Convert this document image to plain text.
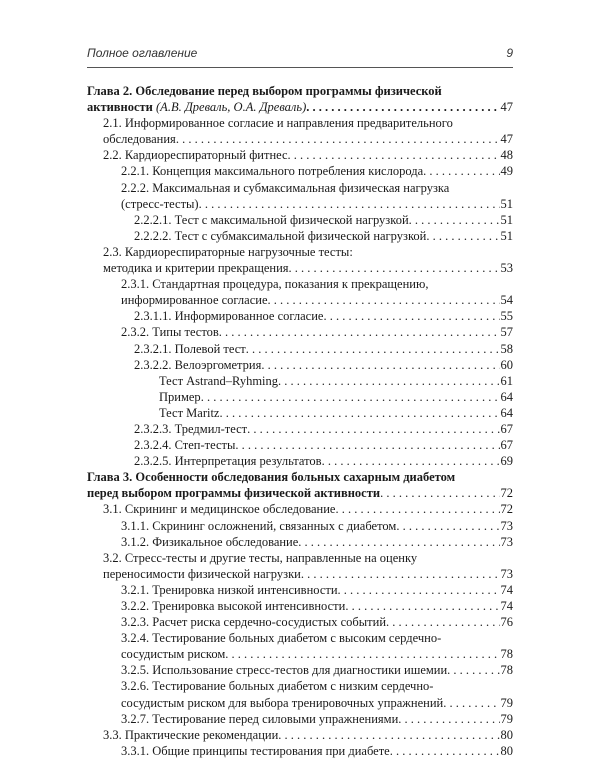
Полное оглавление	9
Глава 2. Обследование перед выбором программы физической
активности (А.В. Древаль, О.А. Древаль) . . .	47
2.1. Информированное согласие и направления предварительного
обследования . . .	47
2.2. Кардиореспираторный фитнес . . .	48
2.2.1. Концепция максимального потребления кислорода . . .	49
2.2.2. Максимальная и субмаксимальная физическая нагрузка
(стресс-тесты) . . .	51
2.2.2.1. Тест с максимальной физической нагрузкой . . .	51
2.2.2.2. Тест с субмаксимальной физической нагрузкой . . .	51
2.3. Кардиореспираторные нагрузочные тесты:
методика и критерии прекращения . . .	53
2.3.1. Стандартная процедура, показания к прекращению,
информированное согласие . . .	54
2.3.1.1. Информированное согласие . . .	55
2.3.2. Типы тестов . . .	57
2.3.2.1. Полевой тест . . .	58
2.3.2.2. Велоэргометрия . . .	60
Тест Astrand–Ryhming . . .	61
Пример . . .	64
Тест Maritz . . .	64
2.3.2.3. Тредмил-тест . . .	67
2.3.2.4. Степ-тесты . . .	67
2.3.2.5. Интерпретация результатов . . .	69
Глава 3. Особенности обследования больных сахарным диабетом
перед выбором программы физической активности . . .	72
3.1. Скрининг и медицинское обследование . . .	72
3.1.1. Скрининг осложнений, связанных с диабетом . . .	73
3.1.2. Физикальное обследование . . .	73
3.2. Стресс-тесты и другие тесты, направленные на оценку
переносимости физической нагрузки . . .	73
3.2.1. Тренировка низкой интенсивности . . .	74
3.2.2. Тренировка высокой интенсивности . . .	74
3.2.3. Расчет риска сердечно-сосудистых событий . . .	76
3.2.4. Тестирование больных диабетом с высоким сердечно-
сосудистым риском . . .	78
3.2.5. Использование стресс-тестов для диагностики ишемии . . .	78
3.2.6. Тестирование больных диабетом с низким сердечно-
сосудистым риском для выбора тренировочных упражнений . . .	79
3.2.7. Тестирование перед силовыми упражнениями . . .	79
3.3. Практические рекомендации . . .	80
3.3.1. Общие принципы тестирования при диабете . . .	80
